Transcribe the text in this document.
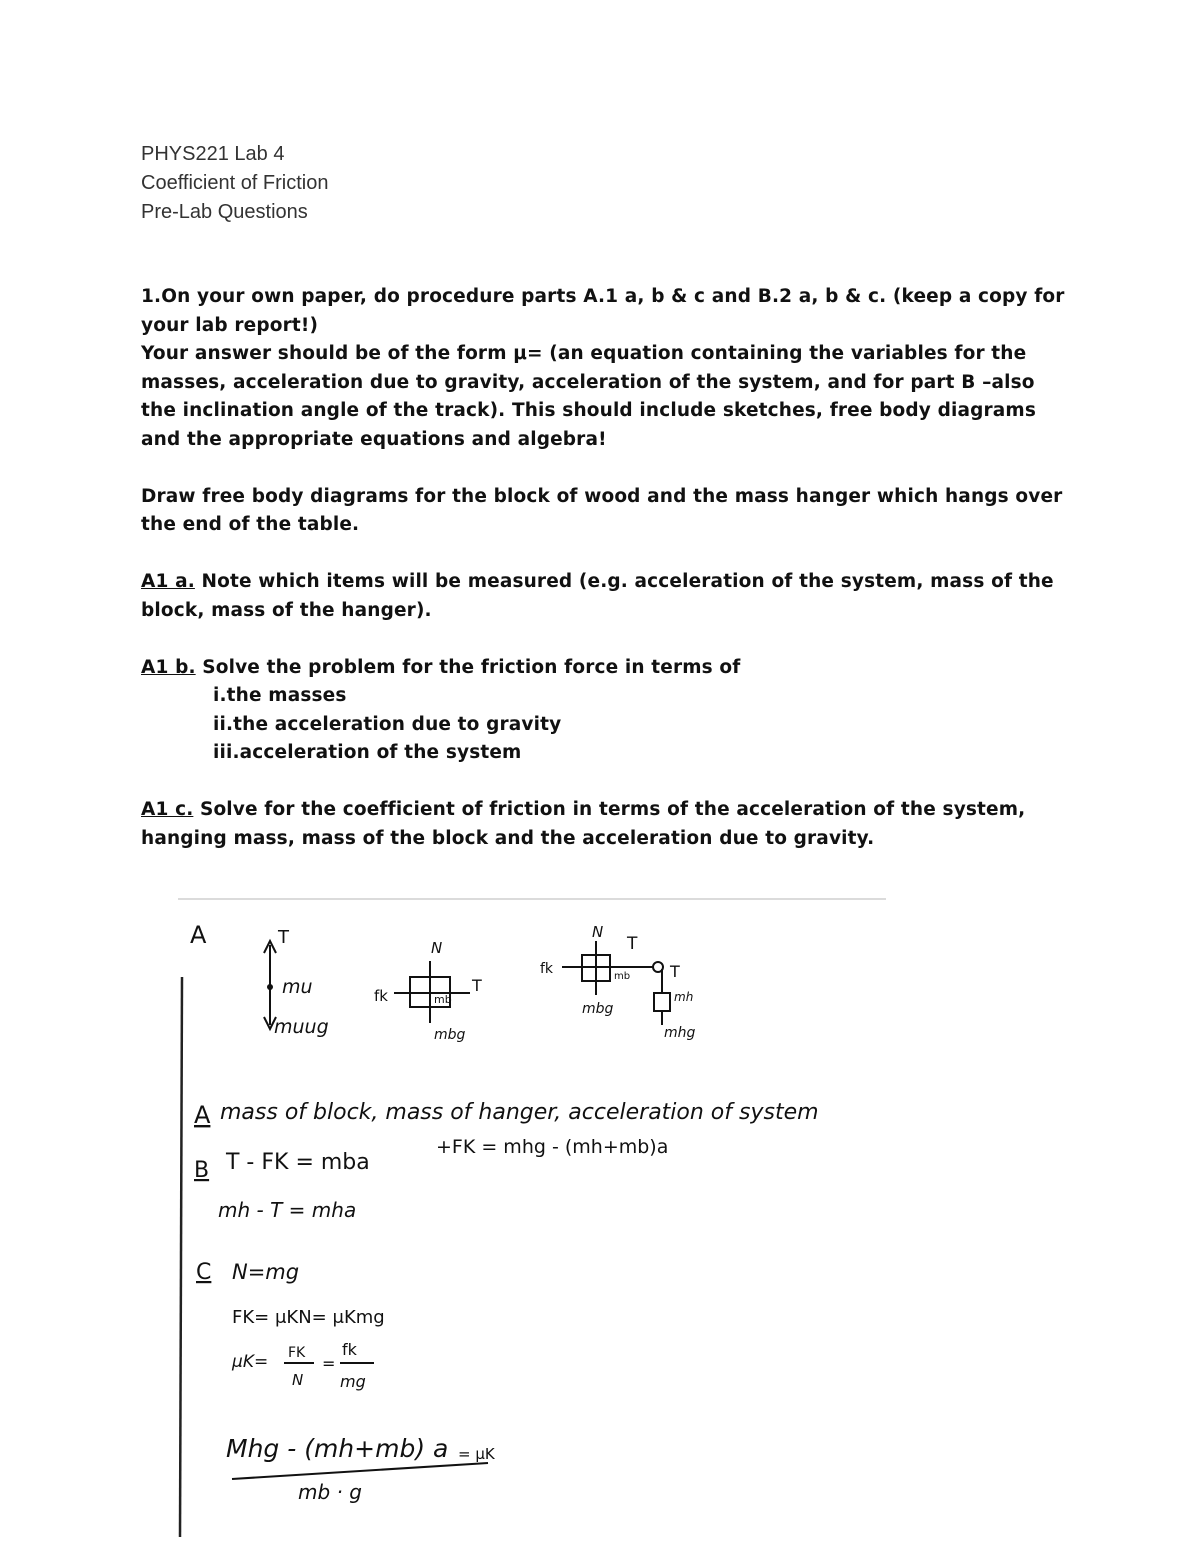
PHYS221 Lab 4
Coefficient of Friction
Pre-Lab Questions

1.On your own paper, do procedure parts A.1 a, b & c and B.2 a, b & c. (keep a copy for your lab report!)

Your answer should be of the form μ= (an equation containing the variables for the masses, acceleration due to gravity, acceleration of the system, and for part B –also the inclination angle of the track). This should include sketches, free body diagrams and the appropriate equations and algebra!

Draw free body diagrams for the block of wood and the mass hanger which hangs over the end of the table.

A1 a. Note which items will be measured (e.g. acceleration of the system, mass of the block, mass of the hanger).

A1 b. Solve the problem for the friction force in terms of

i.the masses

ii.the acceleration due to gravity

iii.acceleration of the system

A1 c. Solve for the coefficient of friction in terms of the acceleration of the system, hanging mass, mass of the block and the acceleration due to gravity.

A	T
mu
muug
N
fk	mb
T
mbg
N
T
fk	mb T
mh
mbg
mhg
A mass of block, mass of hanger, acceleration of system
B T - FK = mba
+FK = mhg - (mh+mb)a
mh - T = mha
C N=mg
FK= μKN= μKmg
μK= FK
N
=
fk
mg
Mhg - (mh+mb) a = μK
mb · g
